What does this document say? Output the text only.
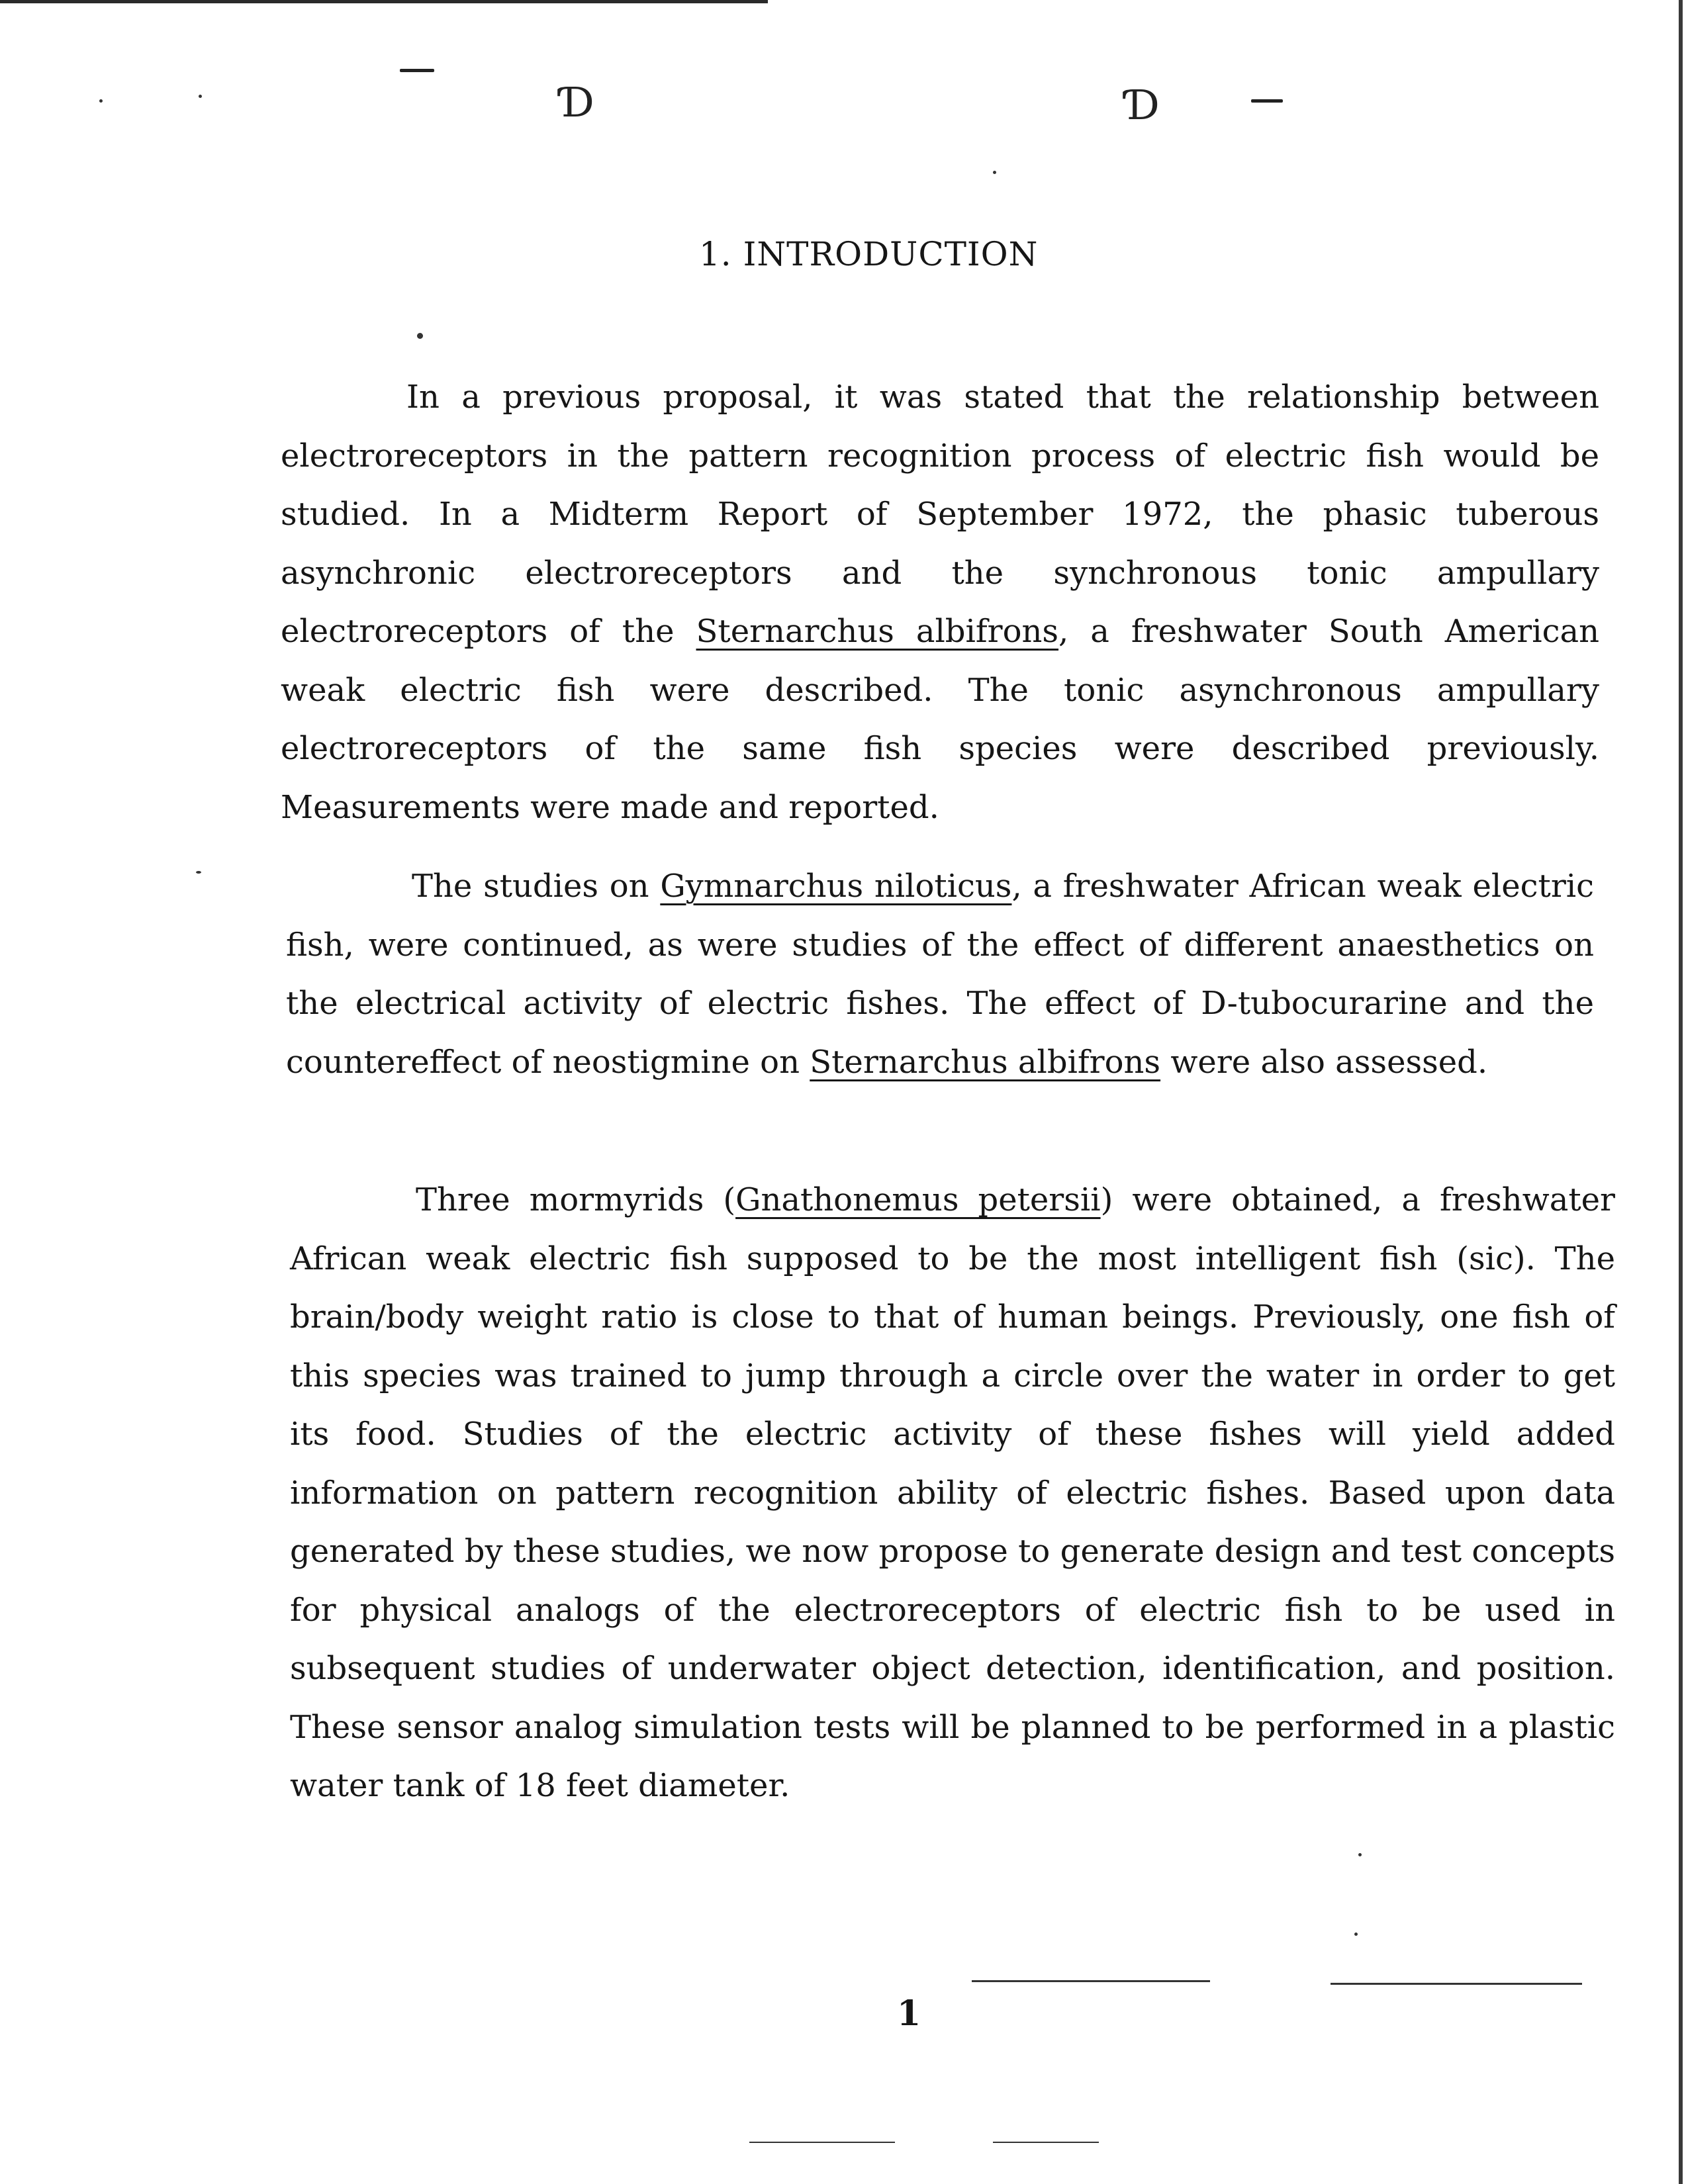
Ɗ	Ɗ
1. INTRODUCTION

In a previous proposal, it was stated that the relationship between electroreceptors in the pattern recognition process of electric fish would be studied. In a Midterm Report of September 1972, the phasic tuberous asynchronic electroreceptors and the synchronous tonic ampullary electroreceptors of the Sternarchus albifrons, a freshwater South American weak electric fish were described. The tonic asynchronous ampullary electroreceptors of the same fish species were described previously. Measurements were made and reported.

The studies on Gymnarchus niloticus, a freshwater African weak electric fish, were continued, as were studies of the effect of different anaesthetics on the electrical activity of electric fishes. The effect of D-tubocurarine and the countereffect of neostigmine on Sternarchus albifrons were also assessed.

Three mormyrids (Gnathonemus petersii) were obtained, a freshwater African weak electric fish supposed to be the most intelligent fish (sic). The brain/body weight ratio is close to that of human beings. Previously, one fish of this species was trained to jump through a circle over the water in order to get its food. Studies of the electric activity of these fishes will yield added information on pattern recognition ability of electric fishes. Based upon data generated by these studies, we now propose to generate design and test concepts for physical analogs of the electroreceptors of electric fish to be used in subsequent studies of underwater object detection, identification, and position. These sensor analog simulation tests will be planned to be performed in a plastic water tank of 18 feet diameter.

1
